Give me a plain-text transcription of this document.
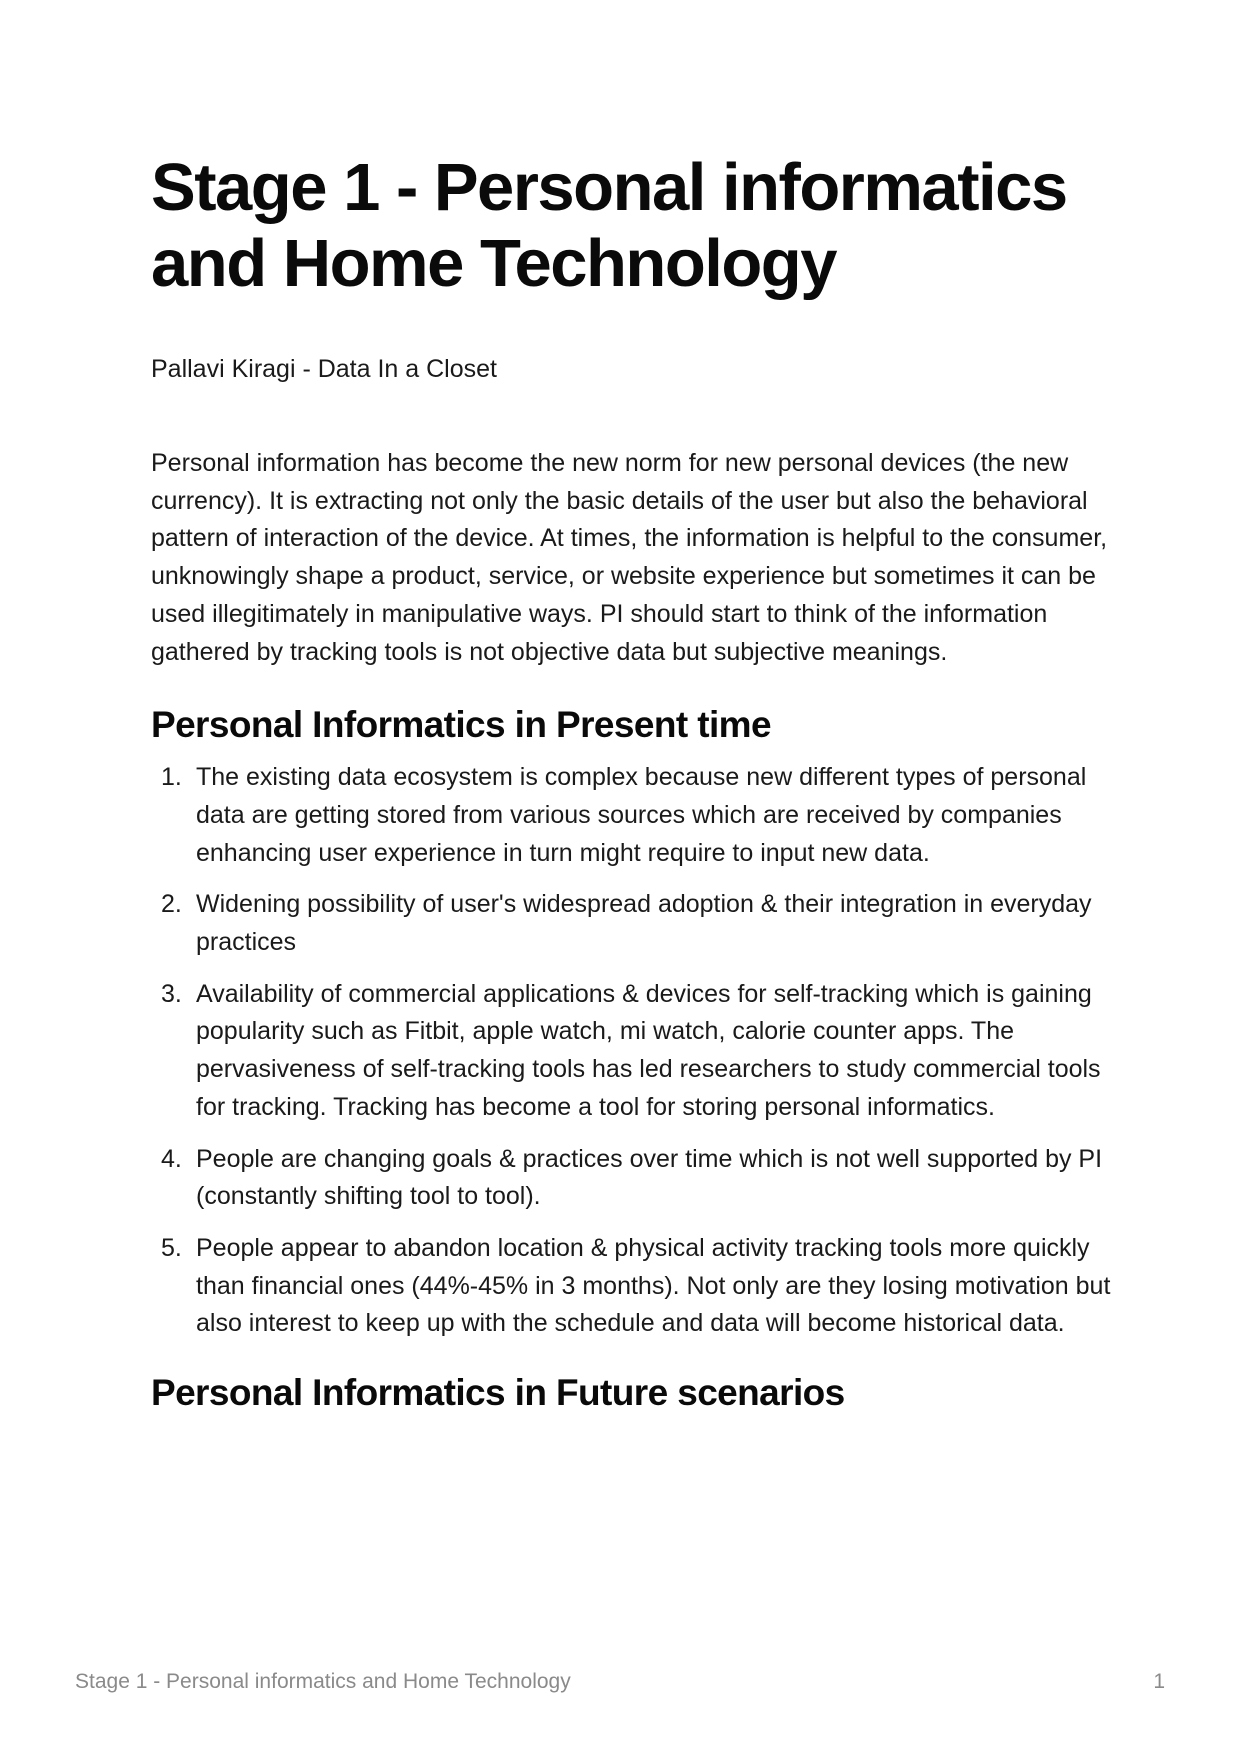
Stage 1 - Personal informatics and Home Technology

Pallavi Kiragi - Data In a Closet

Personal information has become the new norm for new personal devices (the new currency). It is extracting not only the basic details of the user but also the behavioral pattern of interaction of the device. At times, the information is helpful to the consumer, unknowingly shape a product, service, or website experience but sometimes it can be used illegitimately in manipulative ways. PI should start to think of the information gathered by tracking tools is not objective data but subjective meanings.

Personal Informatics in Present time
1. The existing data ecosystem is complex because new different types of personal data are getting stored from various sources which are received by companies enhancing user experience in turn might require to input new data.
2. Widening possibility of user's widespread adoption & their integration in everyday practices
3. Availability of commercial applications & devices for self-tracking which is gaining popularity such as Fitbit, apple watch, mi watch, calorie counter apps. The pervasiveness of self-tracking tools has led researchers to study commercial tools for tracking. Tracking has become a tool for storing personal informatics.
4. People are changing goals & practices over time which is not well supported by PI (constantly shifting tool to tool).
5. People appear to abandon location & physical activity tracking tools more quickly than financial ones (44%-45% in 3 months). Not only are they losing motivation but also interest to keep up with the schedule and data will become historical data.
Personal Informatics in Future scenarios
Stage 1 - Personal informatics and Home Technology	1
